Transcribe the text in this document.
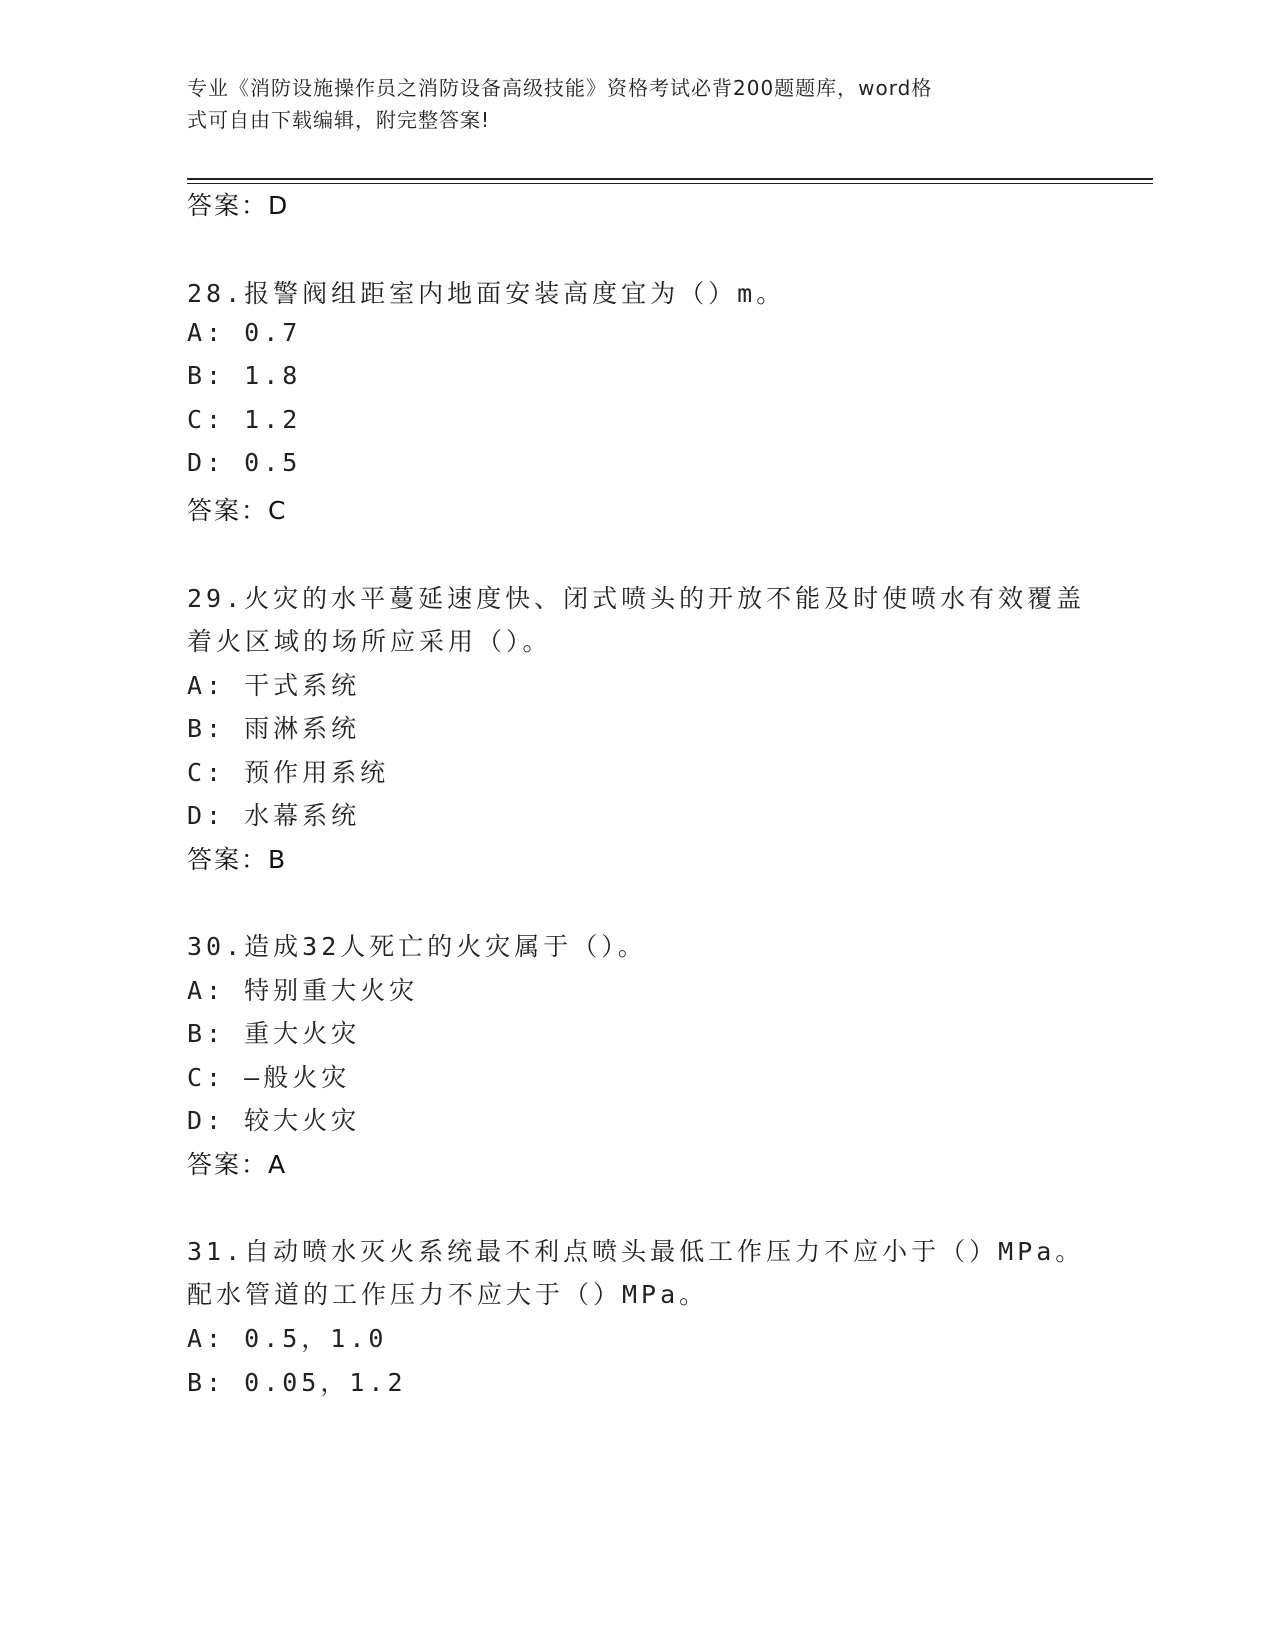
专业《消防设施操作员之消防设备高级技能》资格考试必背200题题库，word格
式可自由下载编辑，附完整答案!
答案：D
28.报警阀组距室内地面安装高度宜为（）m。
A: 0.7
B: 1.8
C: 1.2
D: 0.5
答案：C
29.火灾的水平蔓延速度快、闭式喷头的开放不能及时使喷水有效覆盖
着火区域的场所应采用（）。
A: 干式系统
B: 雨淋系统
C: 预作用系统
D: 水幕系统
答案：B
30.造成32人死亡的火灾属于（）。
A: 特别重大火灾
B: 重大火灾
C: —般火灾
D: 较大火灾
答案：A
31.自动喷水灭火系统最不利点喷头最低工作压力不应小于（）MPa。
配水管道的工作压力不应大于（）MPa。
A: 0.5，1.0
B: 0.05，1.2
